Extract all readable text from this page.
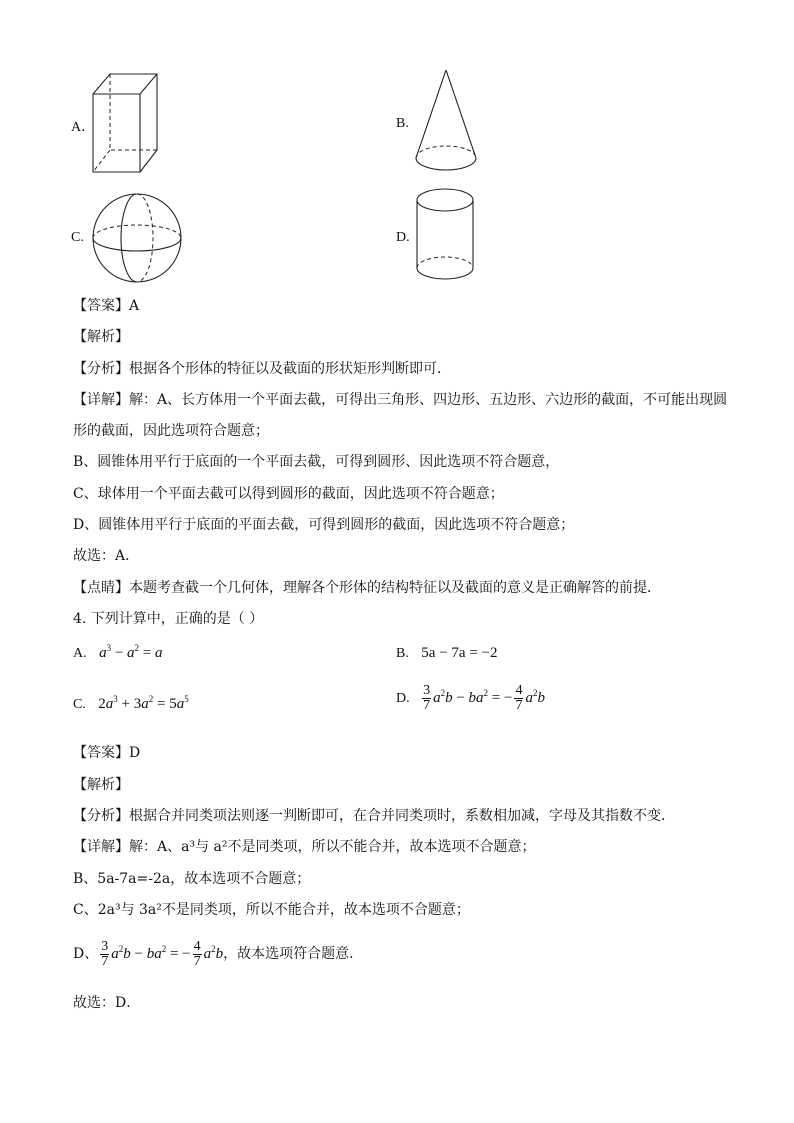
A．	B.
C.	D.
【答案】A
【解析】
【分析】根据各个形体的特征以及截面的形状矩形判断即可．
【详解】解：A、长方体用一个平面去截，可得出三角形、四边形、五边形、六边形的截面，不可能出现圆
形的截面，因此选项符合题意；
B、圆锥体用平行于底面的一个平面去截，可得到圆形、因此选项不符合题意，
C、球体用一个平面去截可以得到圆形的截面，因此选项不符合题意；
D、圆锥体用平行于底面的平面去截，可得到圆形的截面，因此选项不符合题意；
故选：A．
【点睛】本题考查截一个几何体，理解各个形体的结构特征以及截面的意义是正确解答的前提．
4. 下列计算中，正确的是（ ）
A. $a^3 - a^2 = a$	B. 5a − 7a = −2
C. $2a^3 + 3a^2 = 5a^5$	D. $\frac{3}{7} a^2b - ba^2$ = − $\frac{4}{7} a^2b$
【答案】D
【解析】
【分析】根据合并同类项法则逐一判断即可，在合并同类项时，系数相加减，字母及其指数不变．
【详解】解：A、a³与 a²不是同类项，所以不能合并，故本选项不合题意；
B、5a-7a=-2a，故本选项不合题意；
C、2a³与 3a²不是同类项，所以不能合并，故本选项不合题意；
D、 $\frac{3}{7} a^2b - ba^2$ = − $\frac{4}{7} a^2b$，故本选项符合题意．
故选：D．
